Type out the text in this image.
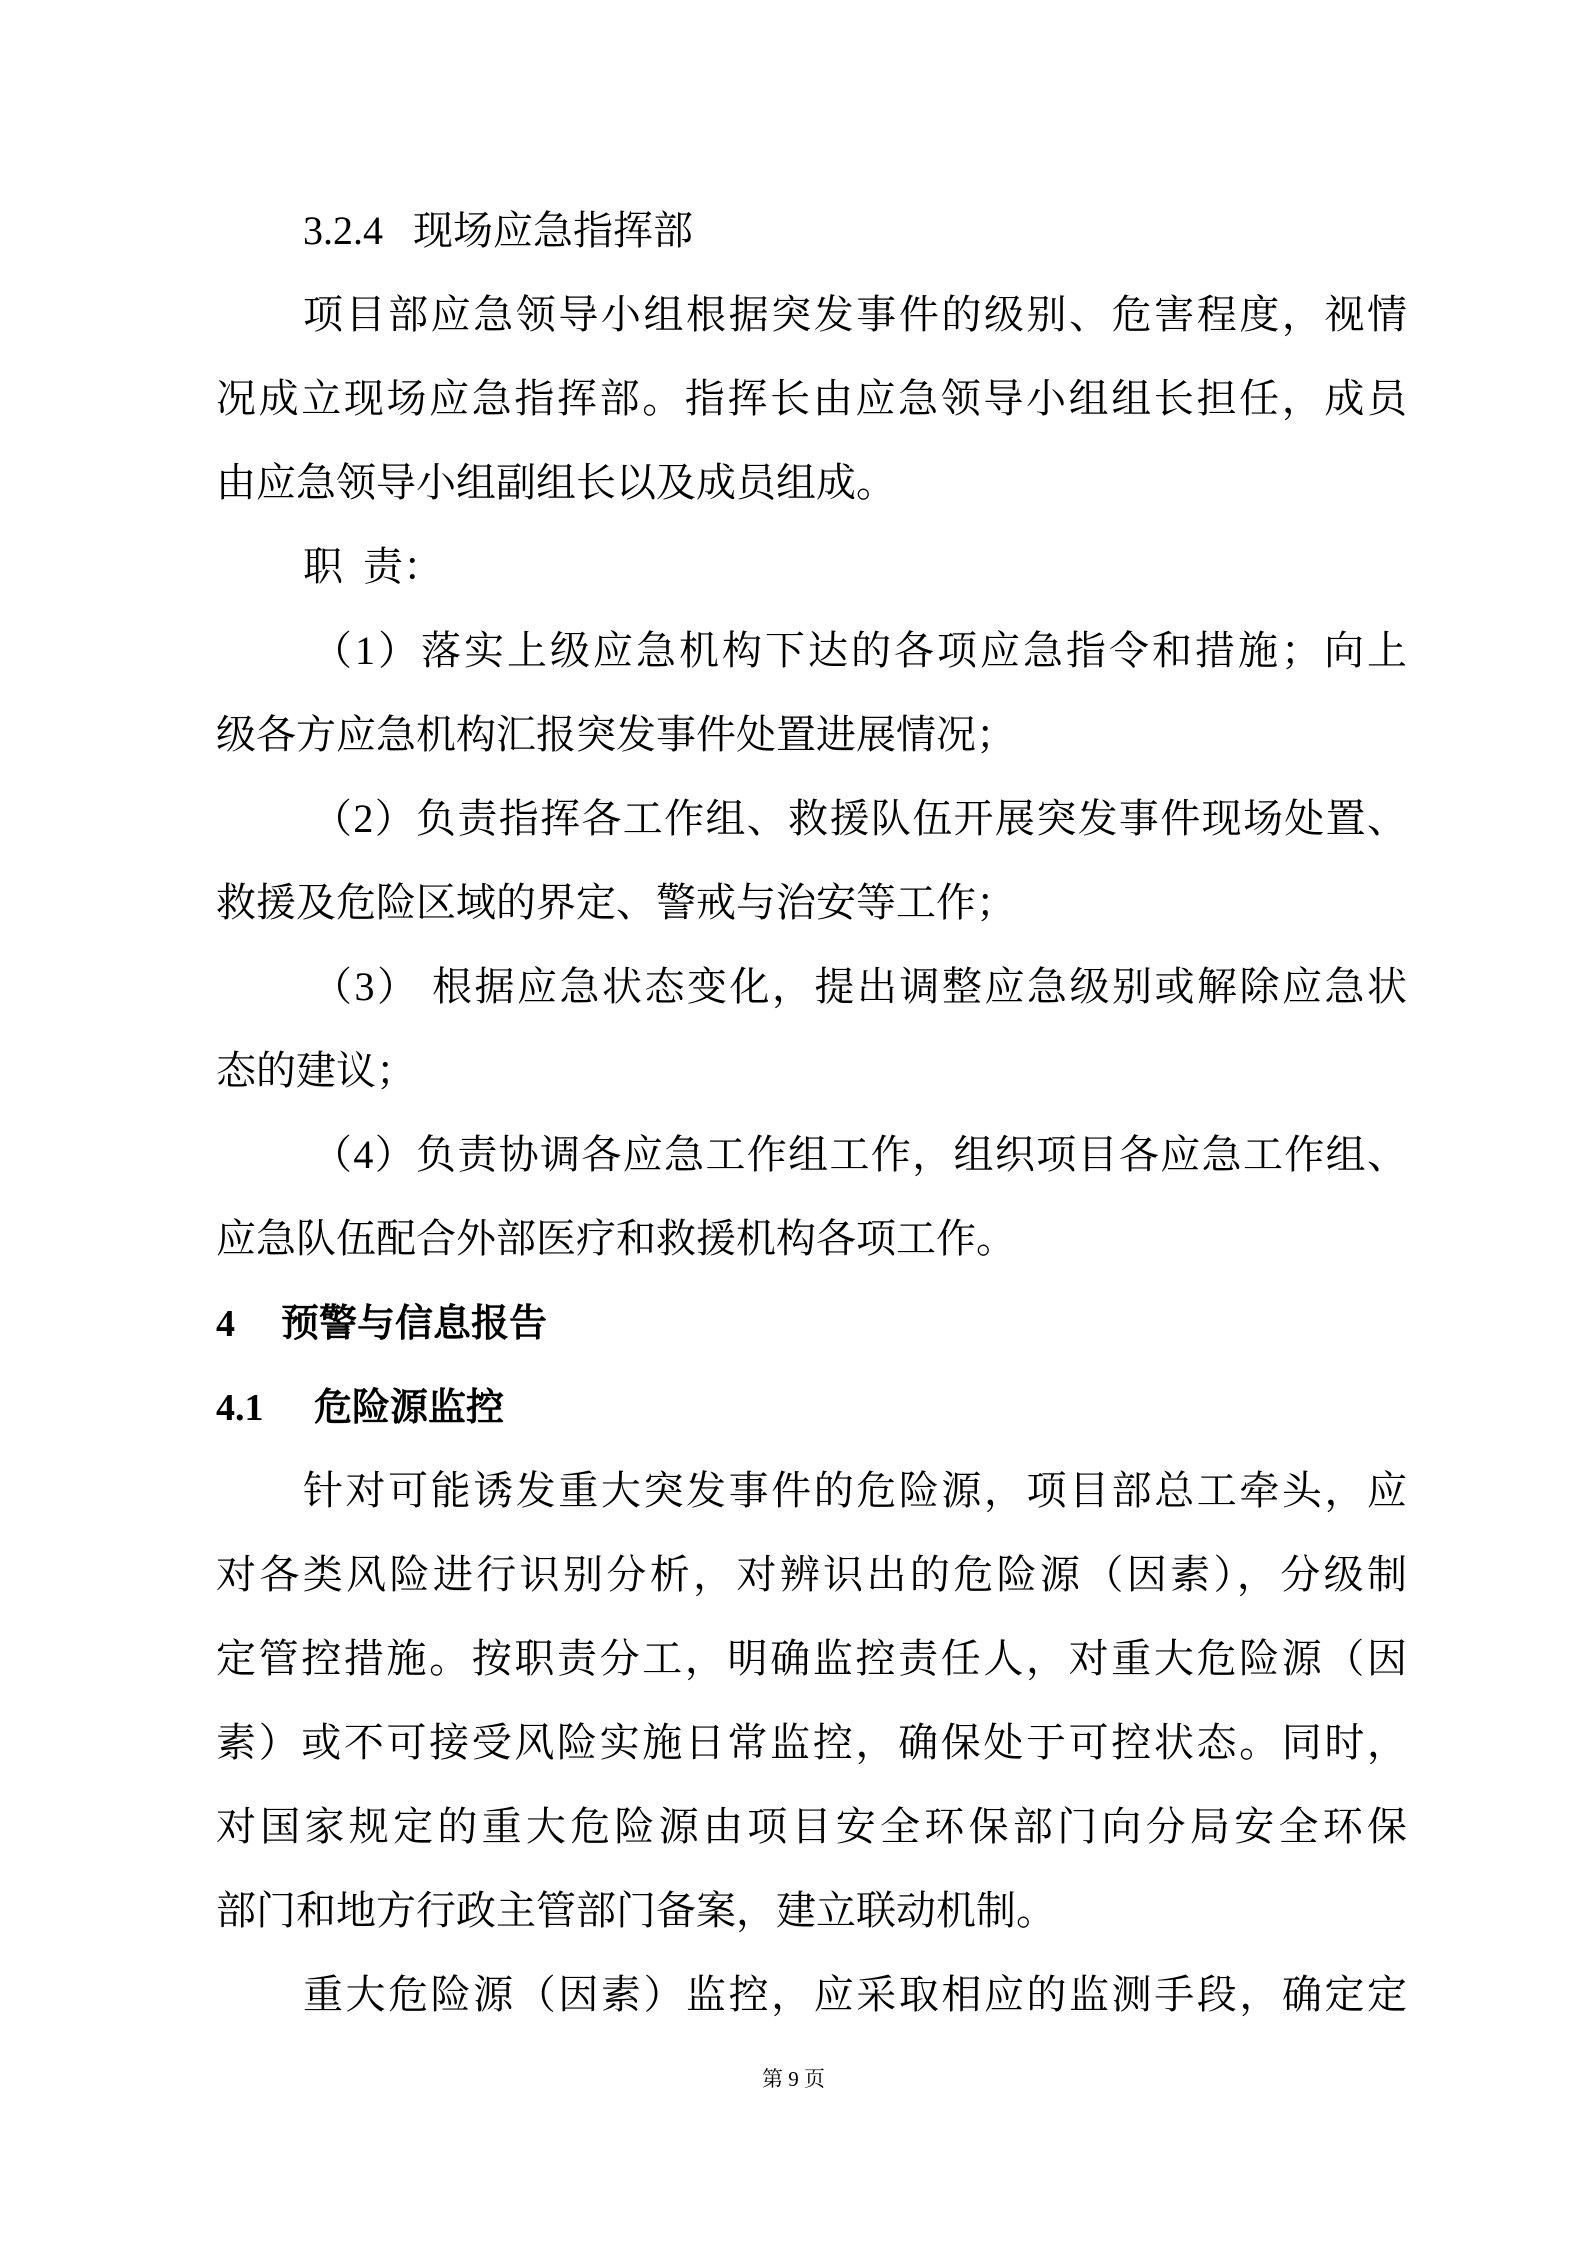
3.2.4 现场应急指挥部
项目部应急领导小组根据突发事件的级别、危害程度，视情
况成立现场应急指挥部。指挥长由应急领导小组组长担任，成员
由应急领导小组副组长以及成员组成。
职  责：
（1）落实上级应急机构下达的各项应急指令和措施；向上
级各方应急机构汇报突发事件处置进展情况；
（2）负责指挥各工作组、救援队伍开展突发事件现场处置、
救援及危险区域的界定、警戒与治安等工作；
（3） 根据应急状态变化，提出调整应急级别或解除应急状
态的建议；
（4）负责协调各应急工作组工作，组织项目各应急工作组、
应急队伍配合外部医疗和救援机构各项工作。
4 预警与信息报告
4.1 危险源监控
针对可能诱发重大突发事件的危险源，项目部总工牵头，应
对各类风险进行识别分析，对辨识出的危险源（因素），分级制
定管控措施。按职责分工，明确监控责任人，对重大危险源（因
素）或不可接受风险实施日常监控，确保处于可控状态。同时，
对国家规定的重大危险源由项目安全环保部门向分局安全环保
部门和地方行政主管部门备案，建立联动机制。
重大危险源（因素）监控，应采取相应的监测手段，确定定
第 9 页
